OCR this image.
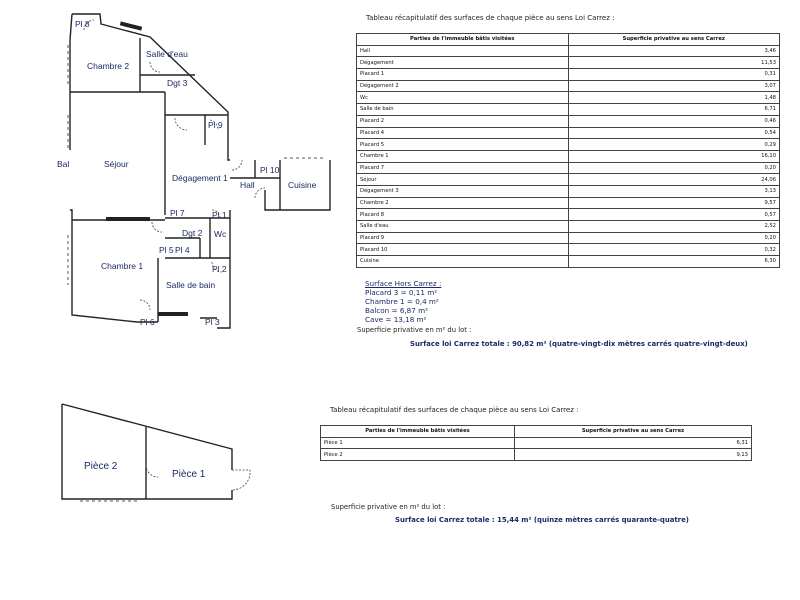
Pl 8
Salle d'eau
Chambre 2
Dgt 3
Pl 9
Bal	Séjour
Dégagement 1
Pl 10
Hall	Cuisine
Pl 7	Pl 1
Dgt 2 Wc
Pl 5 Pl 4
Chambre 1	Pl 2
Salle de bain
Pl 6	Pl 3
Tableau récapitulatif des surfaces de chaque pièce au sens Loi Carrez :
Parties de l'immeuble bâtis visitées	Superficie privative au sens Carrez
Hall	3,46
Dégagement	11,53
Placard 1	0,31
Dégagement 2	3,07
Wc	1,48
Salle de bain	6,71
Placard 2	0,46
Placard 4	0,54
Placard 5	0,29
Chambre 1	16,10
Placard 7	0,20
Séjour	24,06
Dégagement 3	3,13
Chambre 2	9,57
Placard 8	0,57
Salle d'eau	2,52
Placard 9	0,20
Placard 10	0,32
Cuisine	6,30
Surface Hors Carrez :
Placard 3 = 0,11 m²
Chambre 1 = 0,4 m²
Balcon = 6,87 m²
Cave = 13,18 m²
Superficie privative en m² du lot :
Surface loi Carrez totale : 90,82 m² (quatre-vingt-dix mètres carrés quatre-vingt-deux)
Pièce 2
Pièce 1
Tableau récapitulatif des surfaces de chaque pièce au sens Loi Carrez :
Parties de l'immeuble bâtis visitées	Superficie privative au sens Carrez
Pièce 1	6,31
Pièce 2	9,13
Superficie privative en m² du lot :
Surface loi Carrez totale : 15,44 m² (quinze mètres carrés quarante-quatre)
